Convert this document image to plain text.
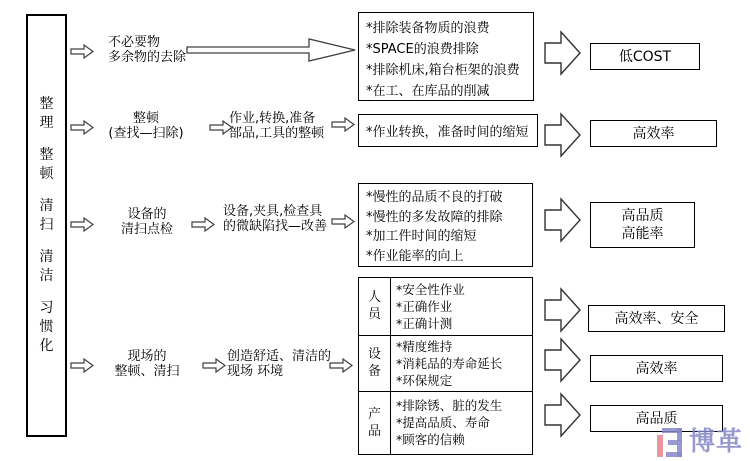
整理
整顿
清扫
清洁
习惯化
不必要物
多余物的去除
*排除装备物质的浪费
*SPACE的浪费排除
*排除机床,箱台柜架的浪费
*在工、在库品的削减
低COST
整顿
(查找—扫除)
作业,转换,准备
部品,工具的整顿	*作业转换，准备时间的缩短	高效率
设备的
清扫点检
设备,夹具,检查具
的微缺陷找—改善
*慢性的品质不良的打破
*慢性的多发故障的排除
*加工件时间的缩短
*作业能率的向上
高品质
高能率
现场的
整顿、清扫
创造舒适、清洁的
现场 环境
人员
*安全性作业
*正确作业
*正确计测
设备
*精度维持
*消耗品的寿命延长
*环保规定
产品
*排除锈、脏的发生
*提高品质、寿命
*顾客的信赖
高效率、安全
高效率
高品质
博革
